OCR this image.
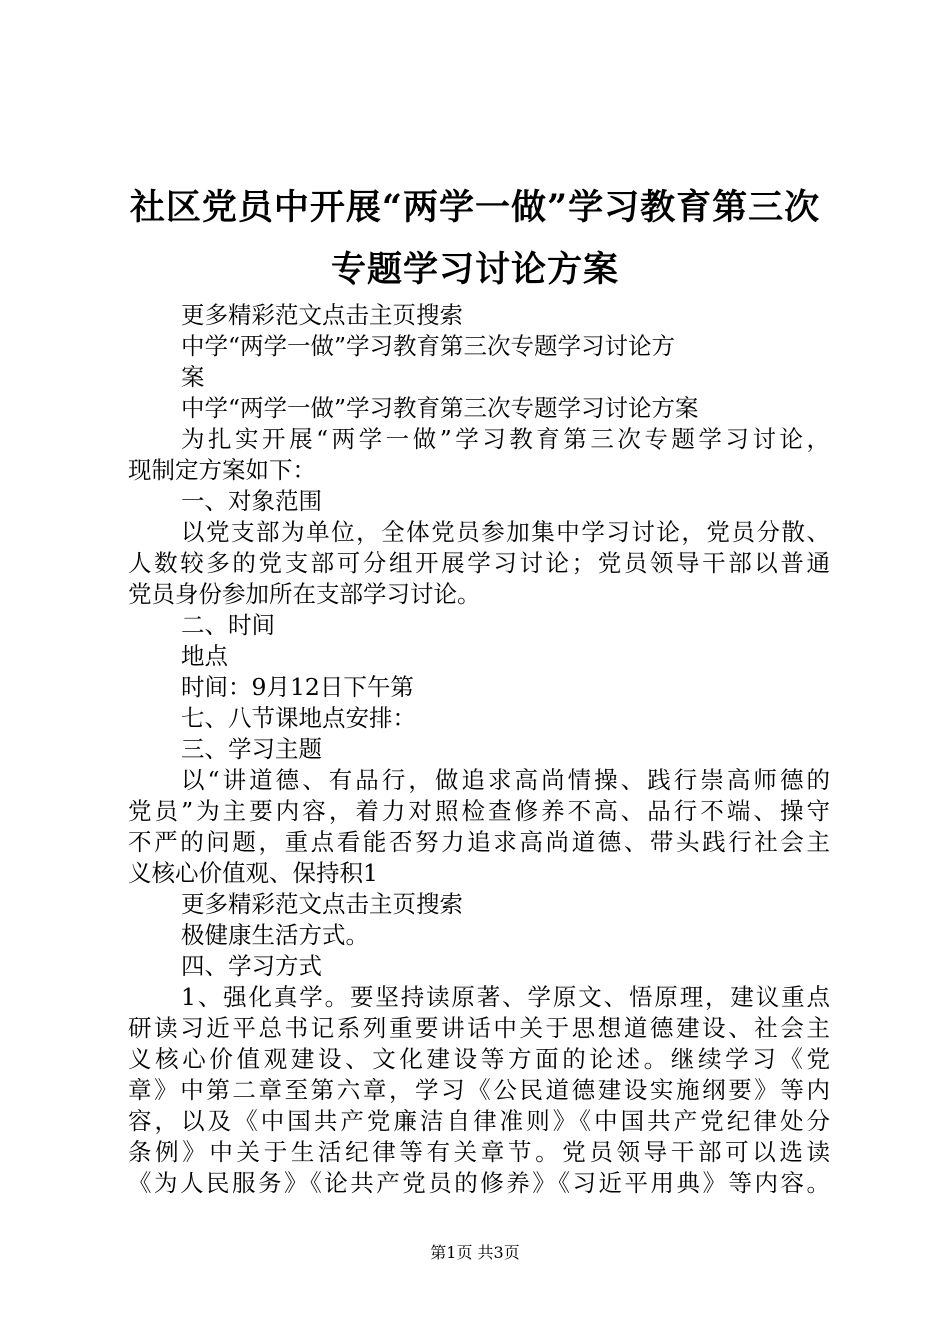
社区党员中开展“两学一做”学习教育第三次
专题学习讨论方案
更多精彩范文点击主页搜索
中学“两学一做”学习教育第三次专题学习讨论方
案
中学“两学一做”学习教育第三次专题学习讨论方案
为扎实开展“两学一做”学习教育第三次专题学习讨论，
现制定方案如下：
一、对象范围
以党支部为单位，全体党员参加集中学习讨论，党员分散、
人数较多的党支部可分组开展学习讨论；党员领导干部以普通
党员身份参加所在支部学习讨论。
二、时间
地点
时间：9月12日下午第
七、八节课地点安排：
三、学习主题
以“讲道德、有品行，做追求高尚情操、践行崇高师德的
党员”为主要内容，着力对照检查修养不高、品行不端、操守
不严的问题，重点看能否努力追求高尚道德、带头践行社会主
义核心价值观、保持积1
更多精彩范文点击主页搜索
极健康生活方式。
四、学习方式
1、强化真学。要坚持读原著、学原文、悟原理，建议重点
研读习近平总书记系列重要讲话中关于思想道德建设、社会主
义核心价值观建设、文化建设等方面的论述。继续学习《党
章》中第二章至第六章，学习《公民道德建设实施纲要》等内
容，以及《中国共产党廉洁自律准则》《中国共产党纪律处分
条例》中关于生活纪律等有关章节。党员领导干部可以选读
《为人民服务》《论共产党员的修养》《习近平用典》等内容。
第1页 共3页
